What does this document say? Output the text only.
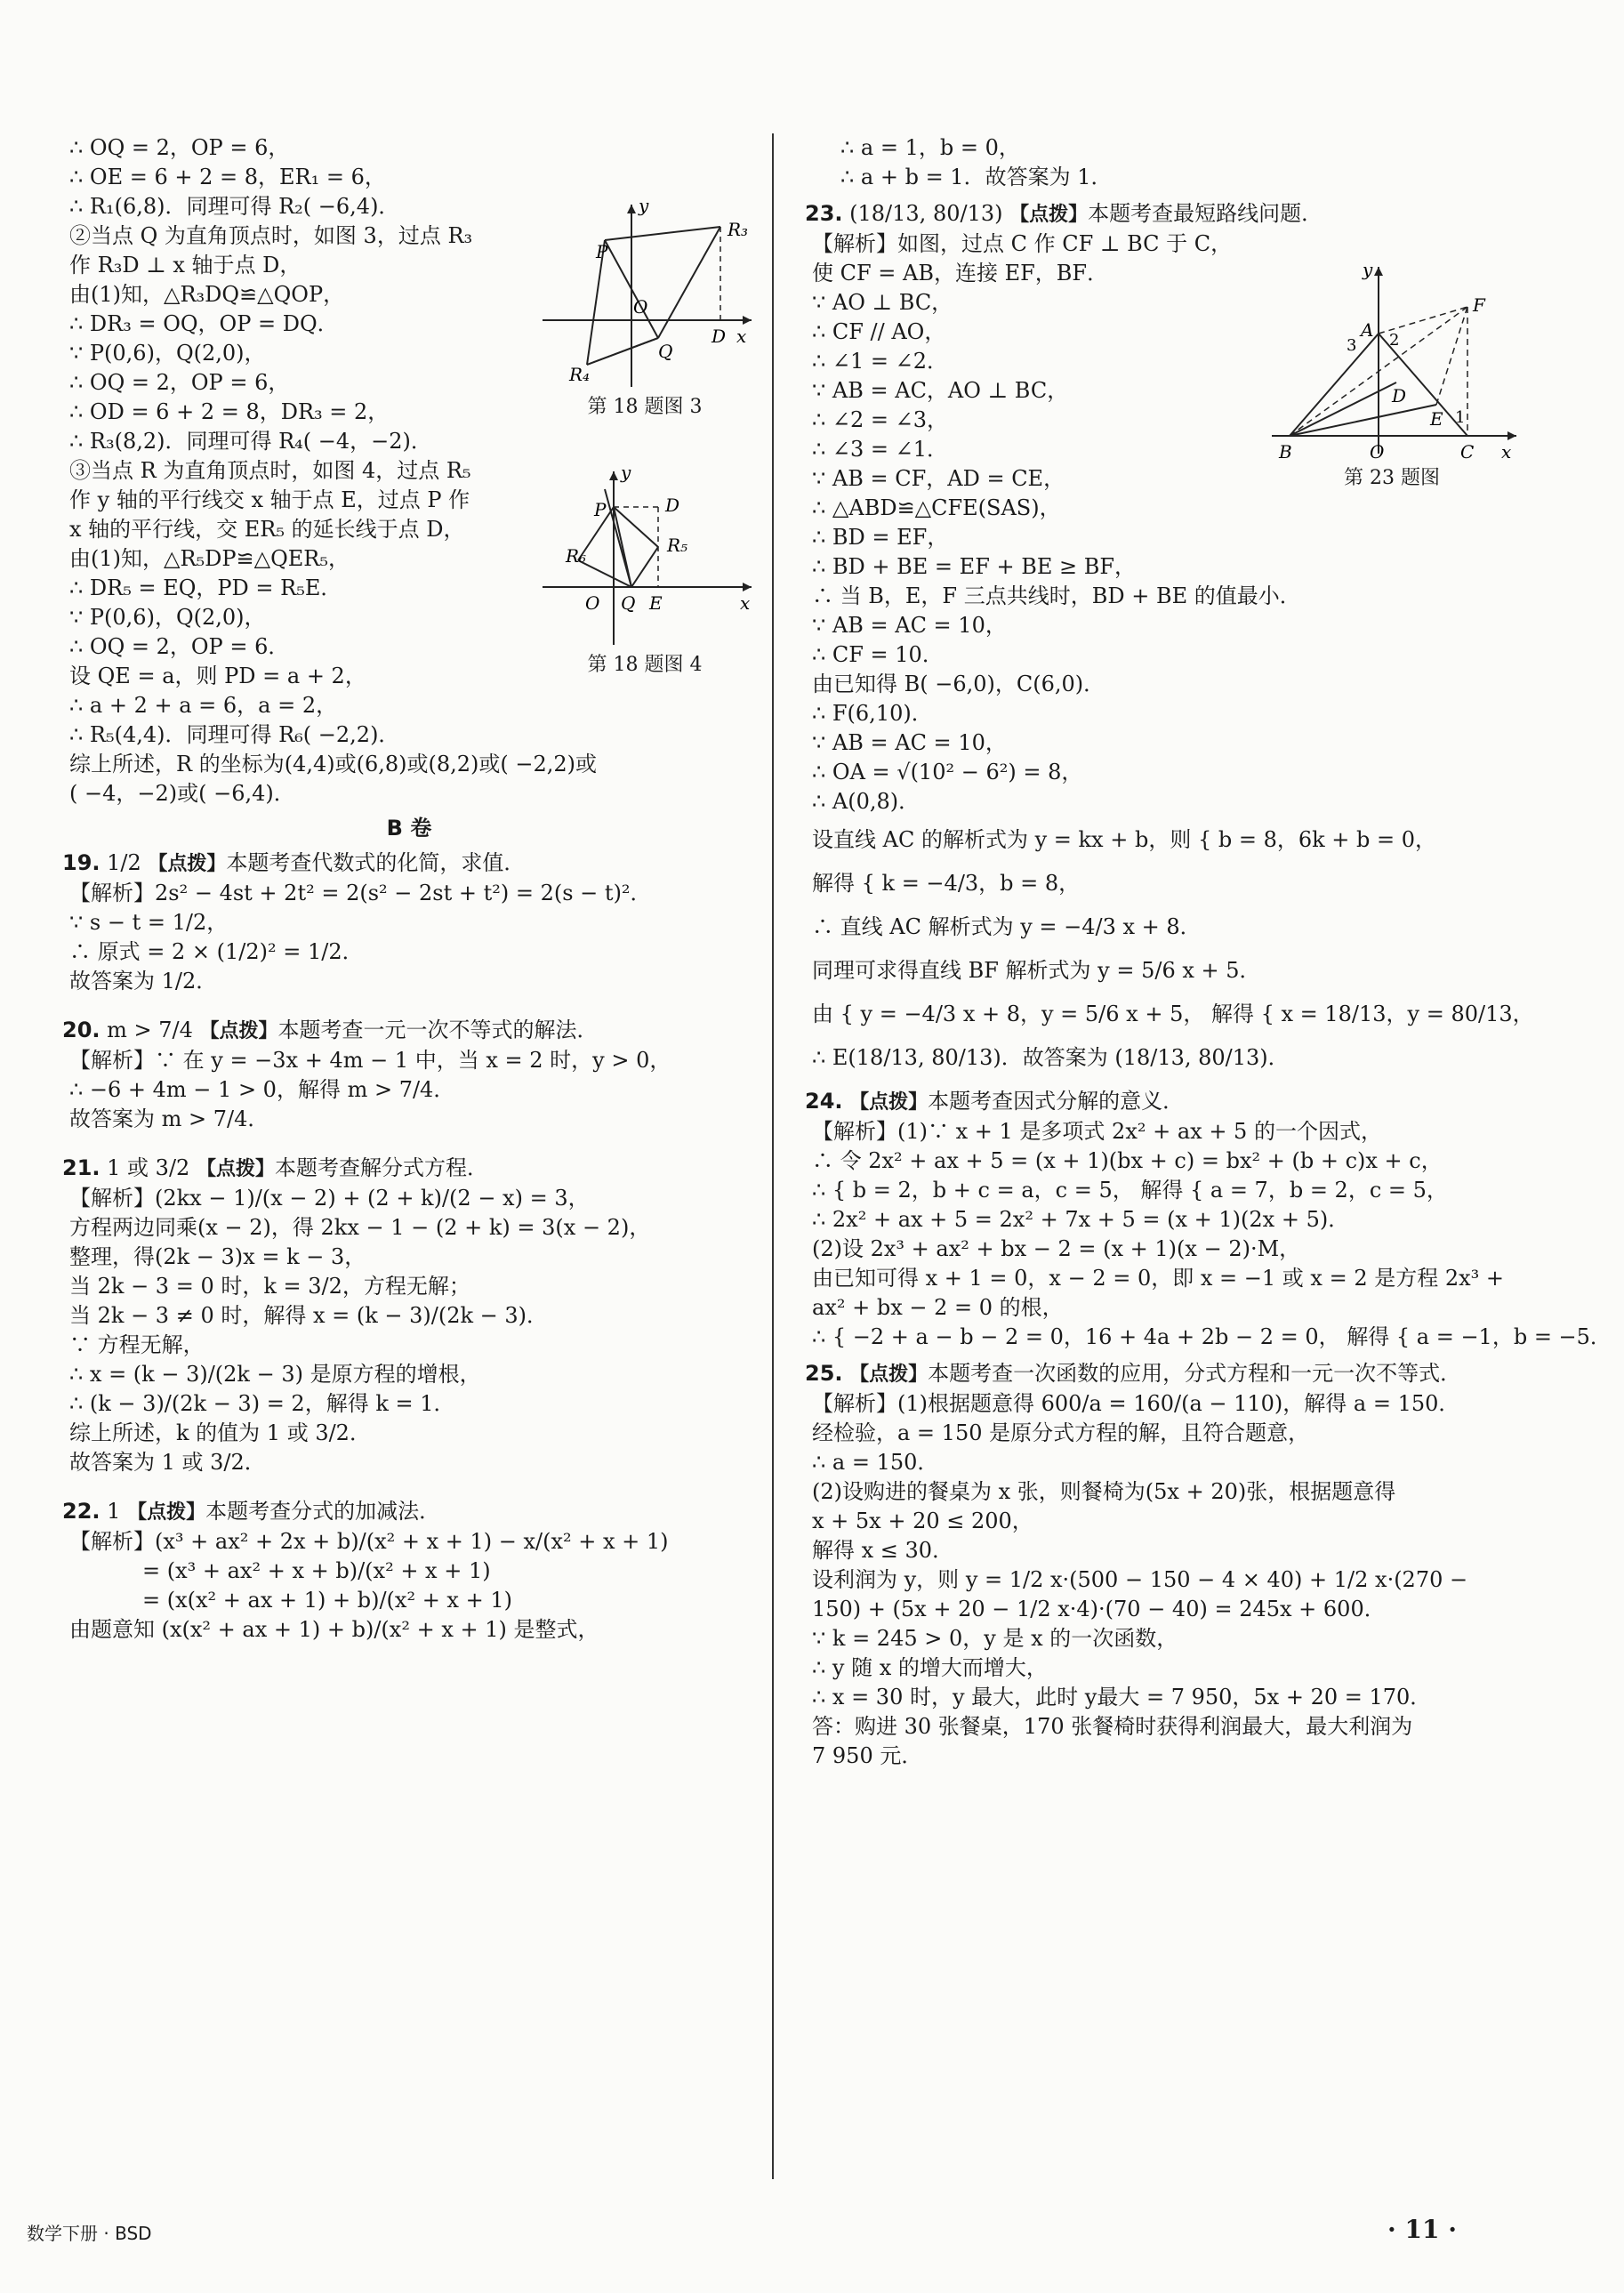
∴ OQ = 2，OP = 6，
∴ OE = 6 + 2 = 8，ER₁ = 6，
∴ R₁(6,8)．同理可得 R₂( −6,4)．
②当点 Q 为直角顶点时，如图 3，过点 R₃
作 R₃D ⊥ x 轴于点 D，
由(1)知，△R₃DQ≌△QOP，
∴ DR₃ = OQ，OP = DQ．
∵ P(0,6)，Q(2,0)，
∴ OQ = 2，OP = 6，
∴ OD = 6 + 2 = 8，DR₃ = 2，
∴ R₃(8,2)．同理可得 R₄( −4，−2)．
③当点 R 为直角顶点时，如图 4，过点 R₅
作 y 轴的平行线交 x 轴于点 E，过点 P 作
x 轴的平行线，交 ER₅ 的延长线于点 D，
由(1)知，△R₅DP≌△QER₅，
∴ DR₅ = EQ，PD = R₅E．
∵ P(0,6)，Q(2,0)，
∴ OQ = 2，OP = 6．
设 QE = a，则 PD = a + 2，
∴ a + 2 + a = 6，a = 2，
∴ R₅(4,4)．同理可得 R₆( −2,2)．
综上所述，R 的坐标为(4,4)或(6,8)或(8,2)或( −2,2)或
( −4，−2)或( −6,4)．
B 卷
19. 1/2 【点拨】本题考查代数式的化简，求值．
【解析】2s² − 4st + 2t² = 2(s² − 2st + t²) = 2(s − t)²．
∵ s − t = 1/2，
∴ 原式 = 2 × (1/2)² = 1/2．
故答案为 1/2．
20. m > 7/4 【点拨】本题考查一元一次不等式的解法．
【解析】∵ 在 y = −3x + 4m − 1 中，当 x = 2 时，y > 0，
∴ −6 + 4m − 1 > 0，解得 m > 7/4．
故答案为 m > 7/4．
21. 1 或 3/2 【点拨】本题考查解分式方程．
【解析】(2kx − 1)/(x − 2) + (2 + k)/(2 − x) = 3，
方程两边同乘(x − 2)，得 2kx − 1 − (2 + k) = 3(x − 2)，
整理，得(2k − 3)x = k − 3，
当 2k − 3 = 0 时，k = 3/2，方程无解；
当 2k − 3 ≠ 0 时，解得 x = (k − 3)/(2k − 3)．
∵ 方程无解，
∴ x = (k − 3)/(2k − 3) 是原方程的增根，
∴ (k − 3)/(2k − 3) = 2，解得 k = 1．
综上所述，k 的值为 1 或 3/2．
故答案为 1 或 3/2．
22. 1 【点拨】本题考查分式的加减法．
【解析】(x³ + ax² + 2x + b)/(x² + x + 1) − x/(x² + x + 1)
= (x³ + ax² + x + b)/(x² + x + 1)
= (x(x² + ax + 1) + b)/(x² + x + 1)
由题意知 (x(x² + ax + 1) + b)/(x² + x + 1) 是整式，
y
P
R₃
O
Q
D x
R₄
第 18 题图 3
y
P	D
R₅
R₆
O Q E	x
第 18 题图 4
∴ a = 1，b = 0，
∴ a + b = 1．故答案为 1．
23. (18/13, 80/13) 【点拨】本题考查最短路线问题．
【解析】如图，过点 C 作 CF ⊥ BC 于 C，
使 CF = AB，连接 EF，BF．
∵ AO ⊥ BC，
∴ CF // AO，
∴ ∠1 = ∠2．
∵ AB = AC，AO ⊥ BC，
∴ ∠2 = ∠3，
∴ ∠3 = ∠1．
∵ AB = CF，AD = CE，
∴ △ABD≌△CFE(SAS)，
∴ BD = EF，
∴ BD + BE = EF + BE ≥ BF，
∴ 当 B，E，F 三点共线时，BD + BE 的值最小．
∵ AB = AC = 10，
∴ CF = 10．
由已知得 B( −6,0)，C(6,0)．
∴ F(6,10)．
∵ AB = AC = 10，
∴ OA = √(10² − 6²) = 8，
∴ A(0,8)．
设直线 AC 的解析式为 y = kx + b，则 { b = 8，6k + b = 0，
解得 { k = −4/3，b = 8，
∴ 直线 AC 解析式为 y = −4/3 x + 8．
同理可求得直线 BF 解析式为 y = 5/6 x + 5．
由 { y = −4/3 x + 8，y = 5/6 x + 5， 解得 { x = 18/13，y = 80/13，
∴ E(18/13, 80/13)．故答案为 (18/13, 80/13)．
24. 【点拨】本题考查因式分解的意义．
【解析】(1)∵ x + 1 是多项式 2x² + ax + 5 的一个因式，
∴ 令 2x² + ax + 5 = (x + 1)(bx + c) = bx² + (b + c)x + c，
∴ { b = 2，b + c = a，c = 5， 解得 { a = 7，b = 2，c = 5，
∴ 2x² + ax + 5 = 2x² + 7x + 5 = (x + 1)(2x + 5)．
(2)设 2x³ + ax² + bx − 2 = (x + 1)(x − 2)·M，
由已知可得 x + 1 = 0，x − 2 = 0，即 x = −1 或 x = 2 是方程 2x³ +
ax² + bx − 2 = 0 的根，
∴ { −2 + a − b − 2 = 0，16 + 4a + 2b − 2 = 0， 解得 { a = −1，b = −5．
25. 【点拨】本题考查一次函数的应用，分式方程和一元一次不等式．
【解析】(1)根据题意得 600/a = 160/(a − 110)，解得 a = 150．
经检验，a = 150 是原分式方程的解，且符合题意，
∴ a = 150．
(2)设购进的餐桌为 x 张，则餐椅为(5x + 20)张，根据题意得
x + 5x + 20 ≤ 200，
解得 x ≤ 30．
设利润为 y，则 y = 1/2 x·(500 − 150 − 4 × 40) + 1/2 x·(270 −
150) + (5x + 20 − 1/2 x·4)·(70 − 40) = 245x + 600．
∵ k = 245 > 0，y 是 x 的一次函数，
∴ y 随 x 的增大而增大，
∴ x = 30 时，y 最大，此时 y最大 = 7 950，5x + 20 = 170．
答：购进 30 张餐桌，170 张餐椅时获得利润最大，最大利润为
7 950 元．
y
F
A
3 2
D
E 1
B	O	C x
第 23 题图
数学下册 · BSD	· 11 ·
